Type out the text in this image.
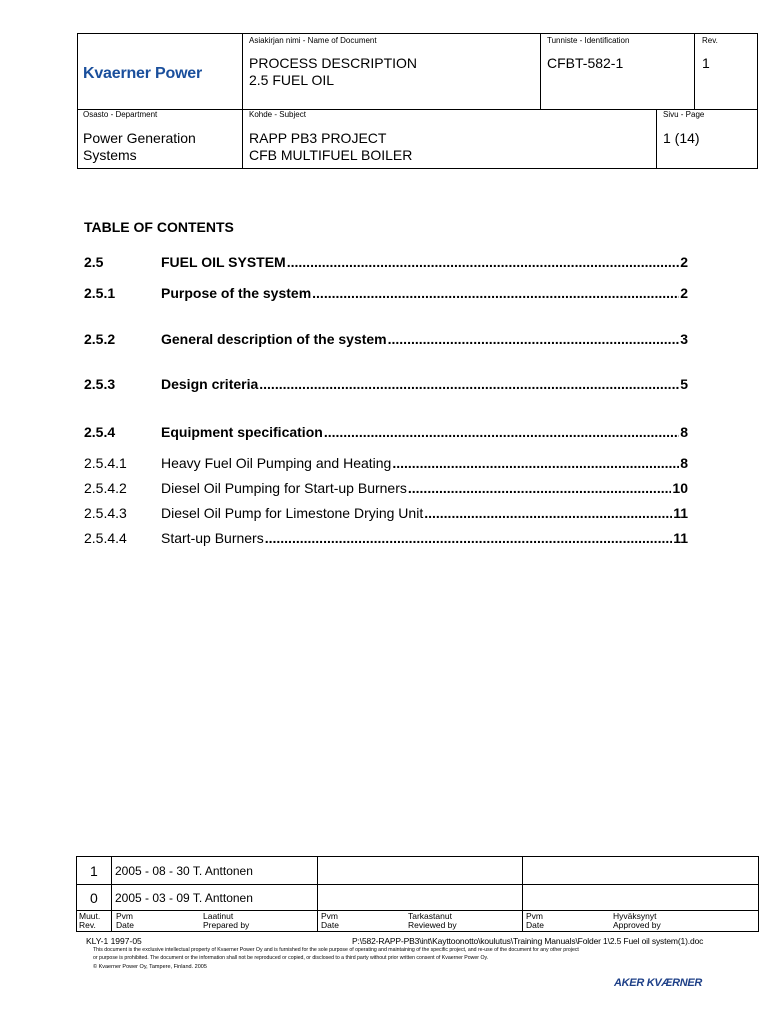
Kvaerner Power
Asiakirjan nimi - Name of Document
PROCESS DESCRIPTION
2.5 FUEL OIL
Tunniste - Identification
CFBT-582-1
Rev.
1
Osasto - Department
Power Generation
Systems
Kohde - Subject
RAPP PB3 PROJECT
CFB MULTIFUEL BOILER
Sivu - Page
1 (14)
TABLE OF CONTENTS
2.5	FUEL OIL SYSTEM .....	2
2.5.1	Purpose of the system .....	2
2.5.2	General description of the system .....	3
2.5.3	Design criteria .....	5
2.5.4	Equipment specification .....	8
2.5.4.1 Heavy Fuel Oil Pumping and Heating .....	8
2.5.4.2 Diesel Oil Pumping for Start-up Burners .....	10
2.5.4.3 Diesel Oil Pump for Limestone Drying Unit .....	11
2.5.4.4 Start-up Burners .....	11
1 2005 - 08 - 30 T. Anttonen
0 2005 - 03 - 09 T. Anttonen
Muut.
Rev.
Pvm
Date
Laatinut
Prepared by
Pvm
Date
Tarkastanut
Reviewed by
Pvm
Date
Hyväksynyt
Approved by
KLY-1 1997-05	P:\582-RAPP-PB3\int\Kayttoonotto\koulutus\Training Manuals\Folder 1\2.5 Fuel oil system(1).doc
This document is the exclusive intellectual property of Kvaerner Power Oy and is furnished for the sole purpose of operating and maintaining of the specific project, and re-use of the document for any other project
or purpose is prohibited. The document or the information shall not be reproduced or copied, or disclosed to a third party without prior written consent of Kvaerner Power Oy.
© Kvaerner Power Oy, Tampere, Finland. 2005
AKER KVÆRNER
